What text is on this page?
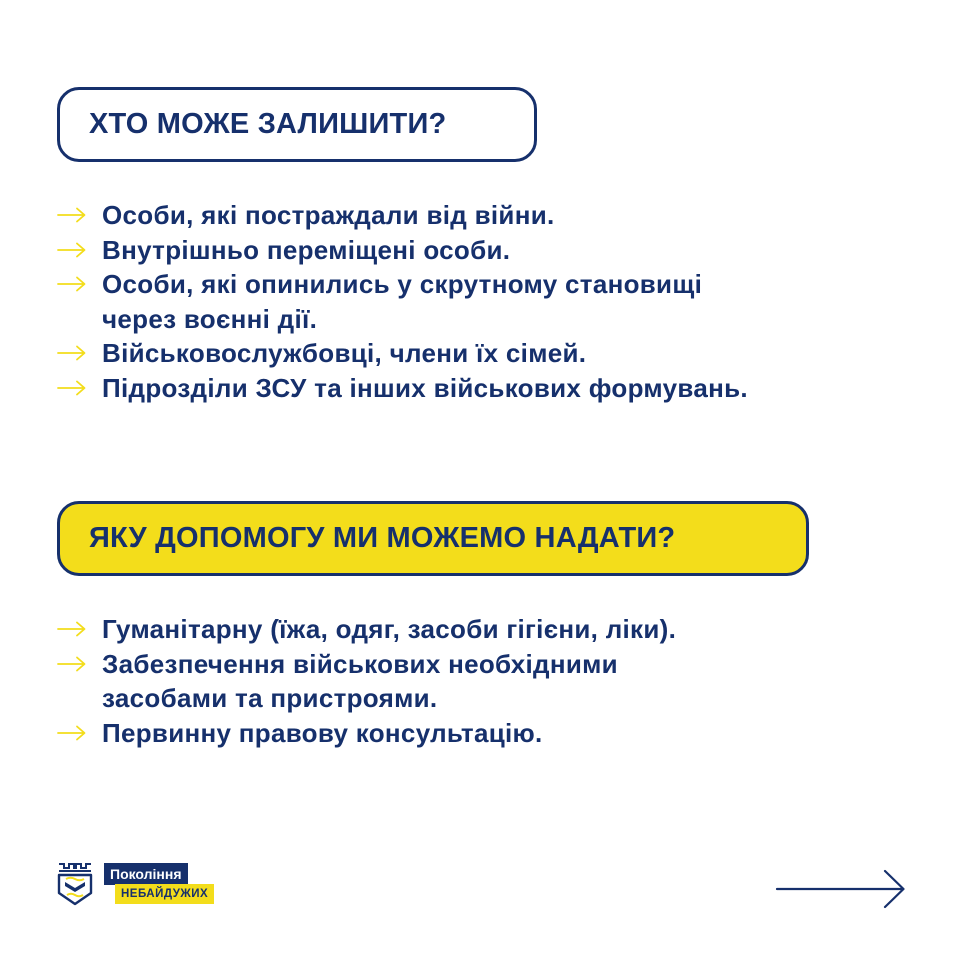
ХТО МОЖЕ ЗАЛИШИТИ?
Особи, які постраждали від війни.
Внутрішньо переміщені особи.
Особи, які опинились у скрутному становищі
через воєнні дії.
Військовослужбовці, члени їх сімей.
Підрозділи ЗСУ та інших військових формувань.
ЯКУ ДОПОМОГУ МИ МОЖЕМО НАДАТИ?
Гуманітарну (їжа, одяг, засоби гігієни, ліки).
Забезпечення військових необхідними
засобами та пристроями.
Первинну правову консультацію.
Покоління
НЕБАЙДУЖИХ
